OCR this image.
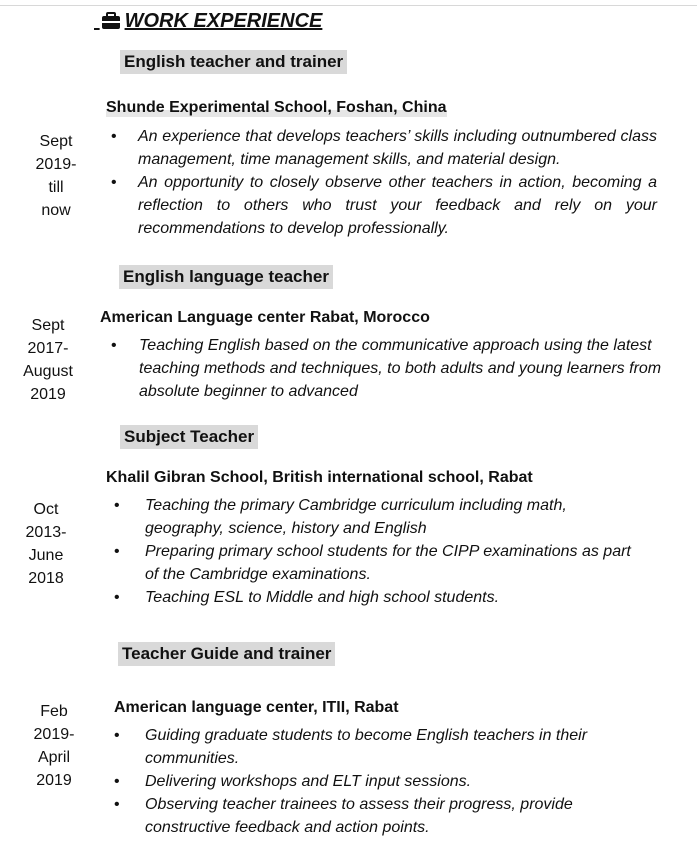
WORK EXPERIENCE
English teacher and trainer
Shunde Experimental School, Foshan, China
Sept
2019-
till
now
• An experience that develops teachers’ skills including outnumbered class management, time management skills, and material design.
• An opportunity to closely observe other teachers in action, becoming a reflection to others who trust your feedback and rely on your recommendations to develop professionally.
English language teacher
American Language center Rabat, Morocco
Sept
2017-
August
2019
• Teaching English based on the communicative approach using the latest teaching methods and techniques, to both adults and young learners from absolute beginner to advanced
Subject Teacher
Khalil Gibran School, British international school, Rabat
Oct
2013-
June
2018
• Teaching the primary Cambridge curriculum including math, geography, science, history and English
• Preparing primary school students for the CIPP examinations as part of the Cambridge examinations.
• Teaching ESL to Middle and high school students.
Teacher Guide and trainer
American language center, ITII, Rabat
Feb
2019-
April
2019
• Guiding graduate students to become English teachers in their communities.
• Delivering workshops and ELT input sessions.
• Observing teacher trainees to assess their progress, provide constructive feedback and action points.
